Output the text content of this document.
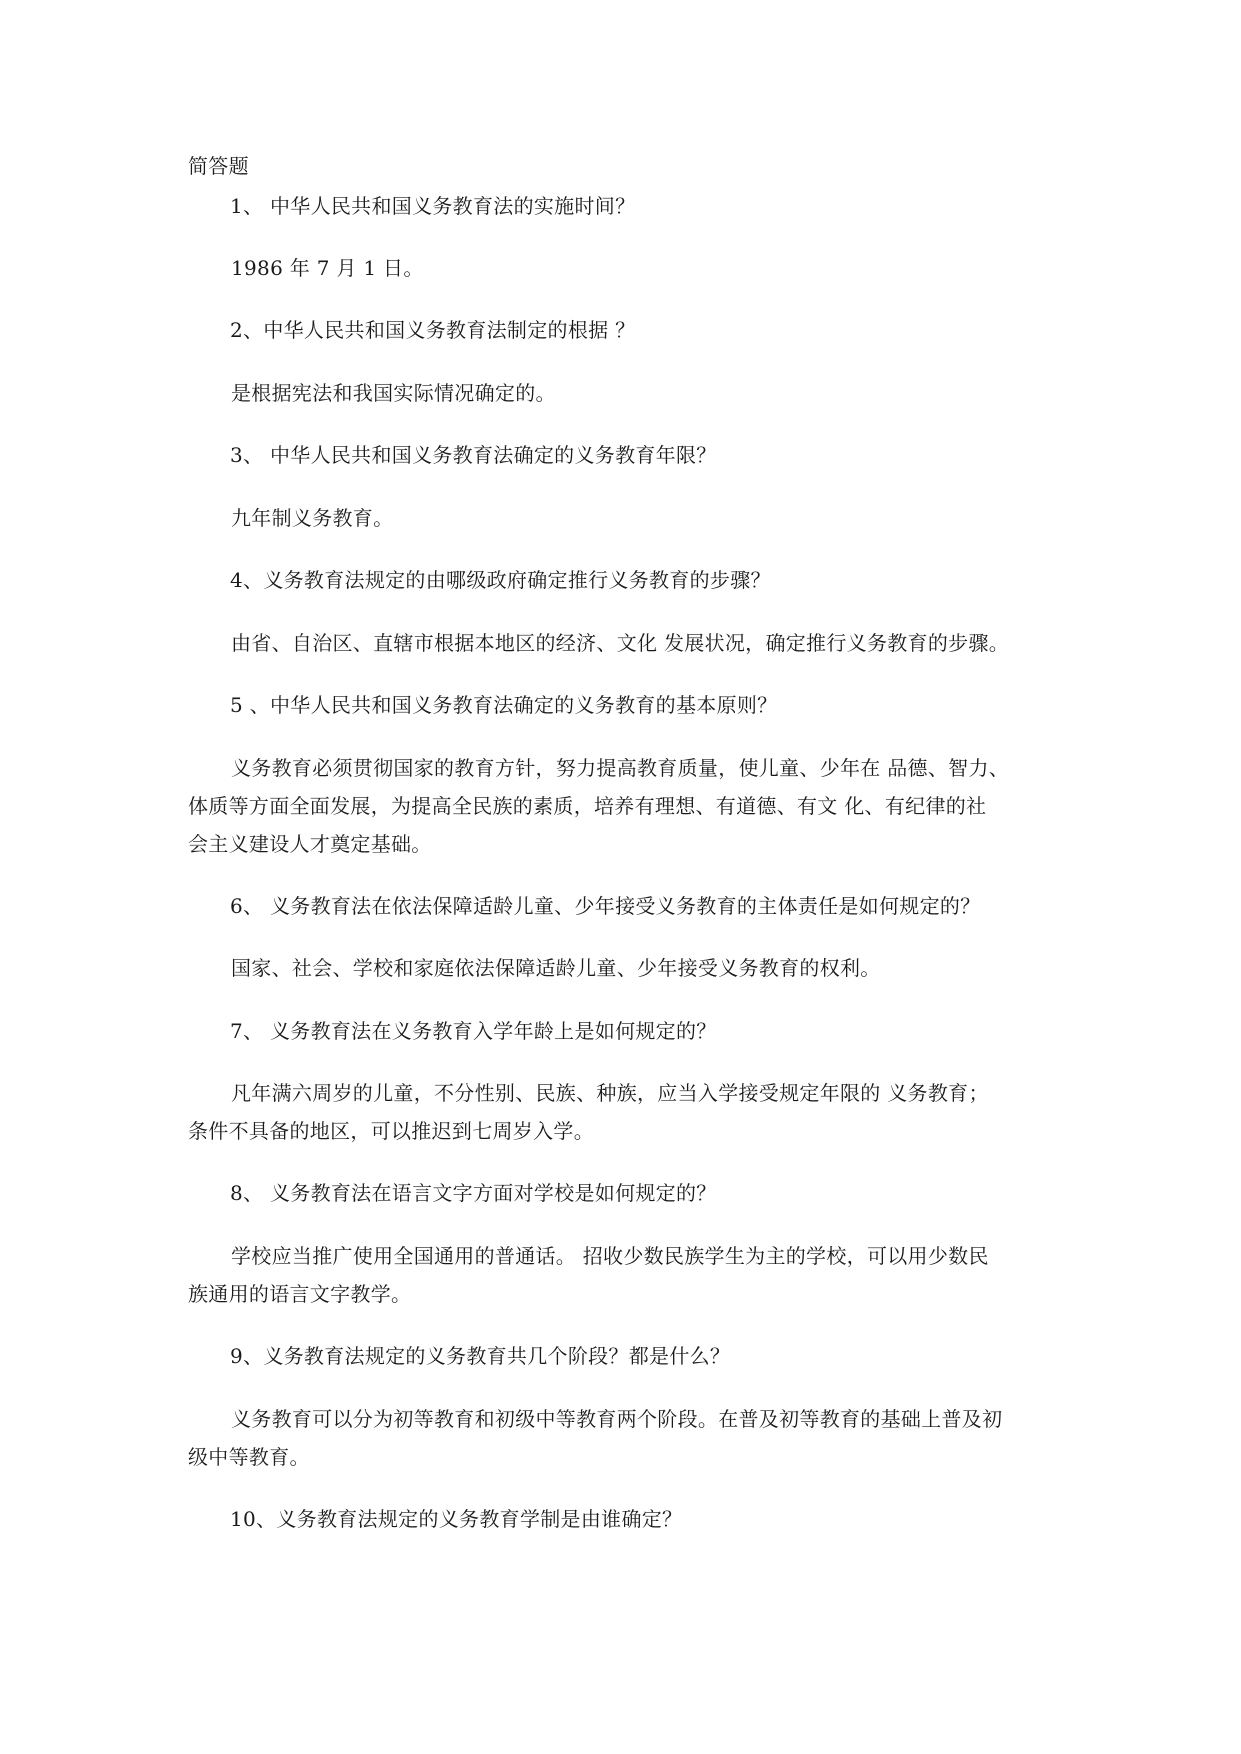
简答题
1、 中华人民共和国义务教育法的实施时间？
1986 年 7 月 1 日。
2、中华人民共和国义务教育法制定的根据 ？
是根据宪法和我国实际情况确定的。
3、 中华人民共和国义务教育法确定的义务教育年限？
九年制义务教育。
4、义务教育法规定的由哪级政府确定推行义务教育的步骤？
由省、自治区、直辖市根据本地区的经济、文化 发展状况，确定推行义务教育的步骤。
5 、中华人民共和国义务教育法确定的义务教育的基本原则？
义务教育必须贯彻国家的教育方针，努力提高教育质量，使儿童、少年在 品德、智力、
体质等方面全面发展，为提高全民族的素质，培养有理想、有道德、有文 化、有纪律的社
会主义建设人才奠定基础。
6、 义务教育法在依法保障适龄儿童、少年接受义务教育的主体责任是如何规定的？
国家、社会、学校和家庭依法保障适龄儿童、少年接受义务教育的权利。
7、 义务教育法在义务教育入学年龄上是如何规定的？
凡年满六周岁的儿童，不分性别、民族、种族，应当入学接受规定年限的 义务教育；
条件不具备的地区，可以推迟到七周岁入学。
8、 义务教育法在语言文字方面对学校是如何规定的？
学校应当推广使用全国通用的普通话。 招收少数民族学生为主的学校，可以用少数民
族通用的语言文字教学。
9、义务教育法规定的义务教育共几个阶段？都是什么？
义务教育可以分为初等教育和初级中等教育两个阶段。在普及初等教育的基础上普及初
级中等教育。
10、义务教育法规定的义务教育学制是由谁确定？
